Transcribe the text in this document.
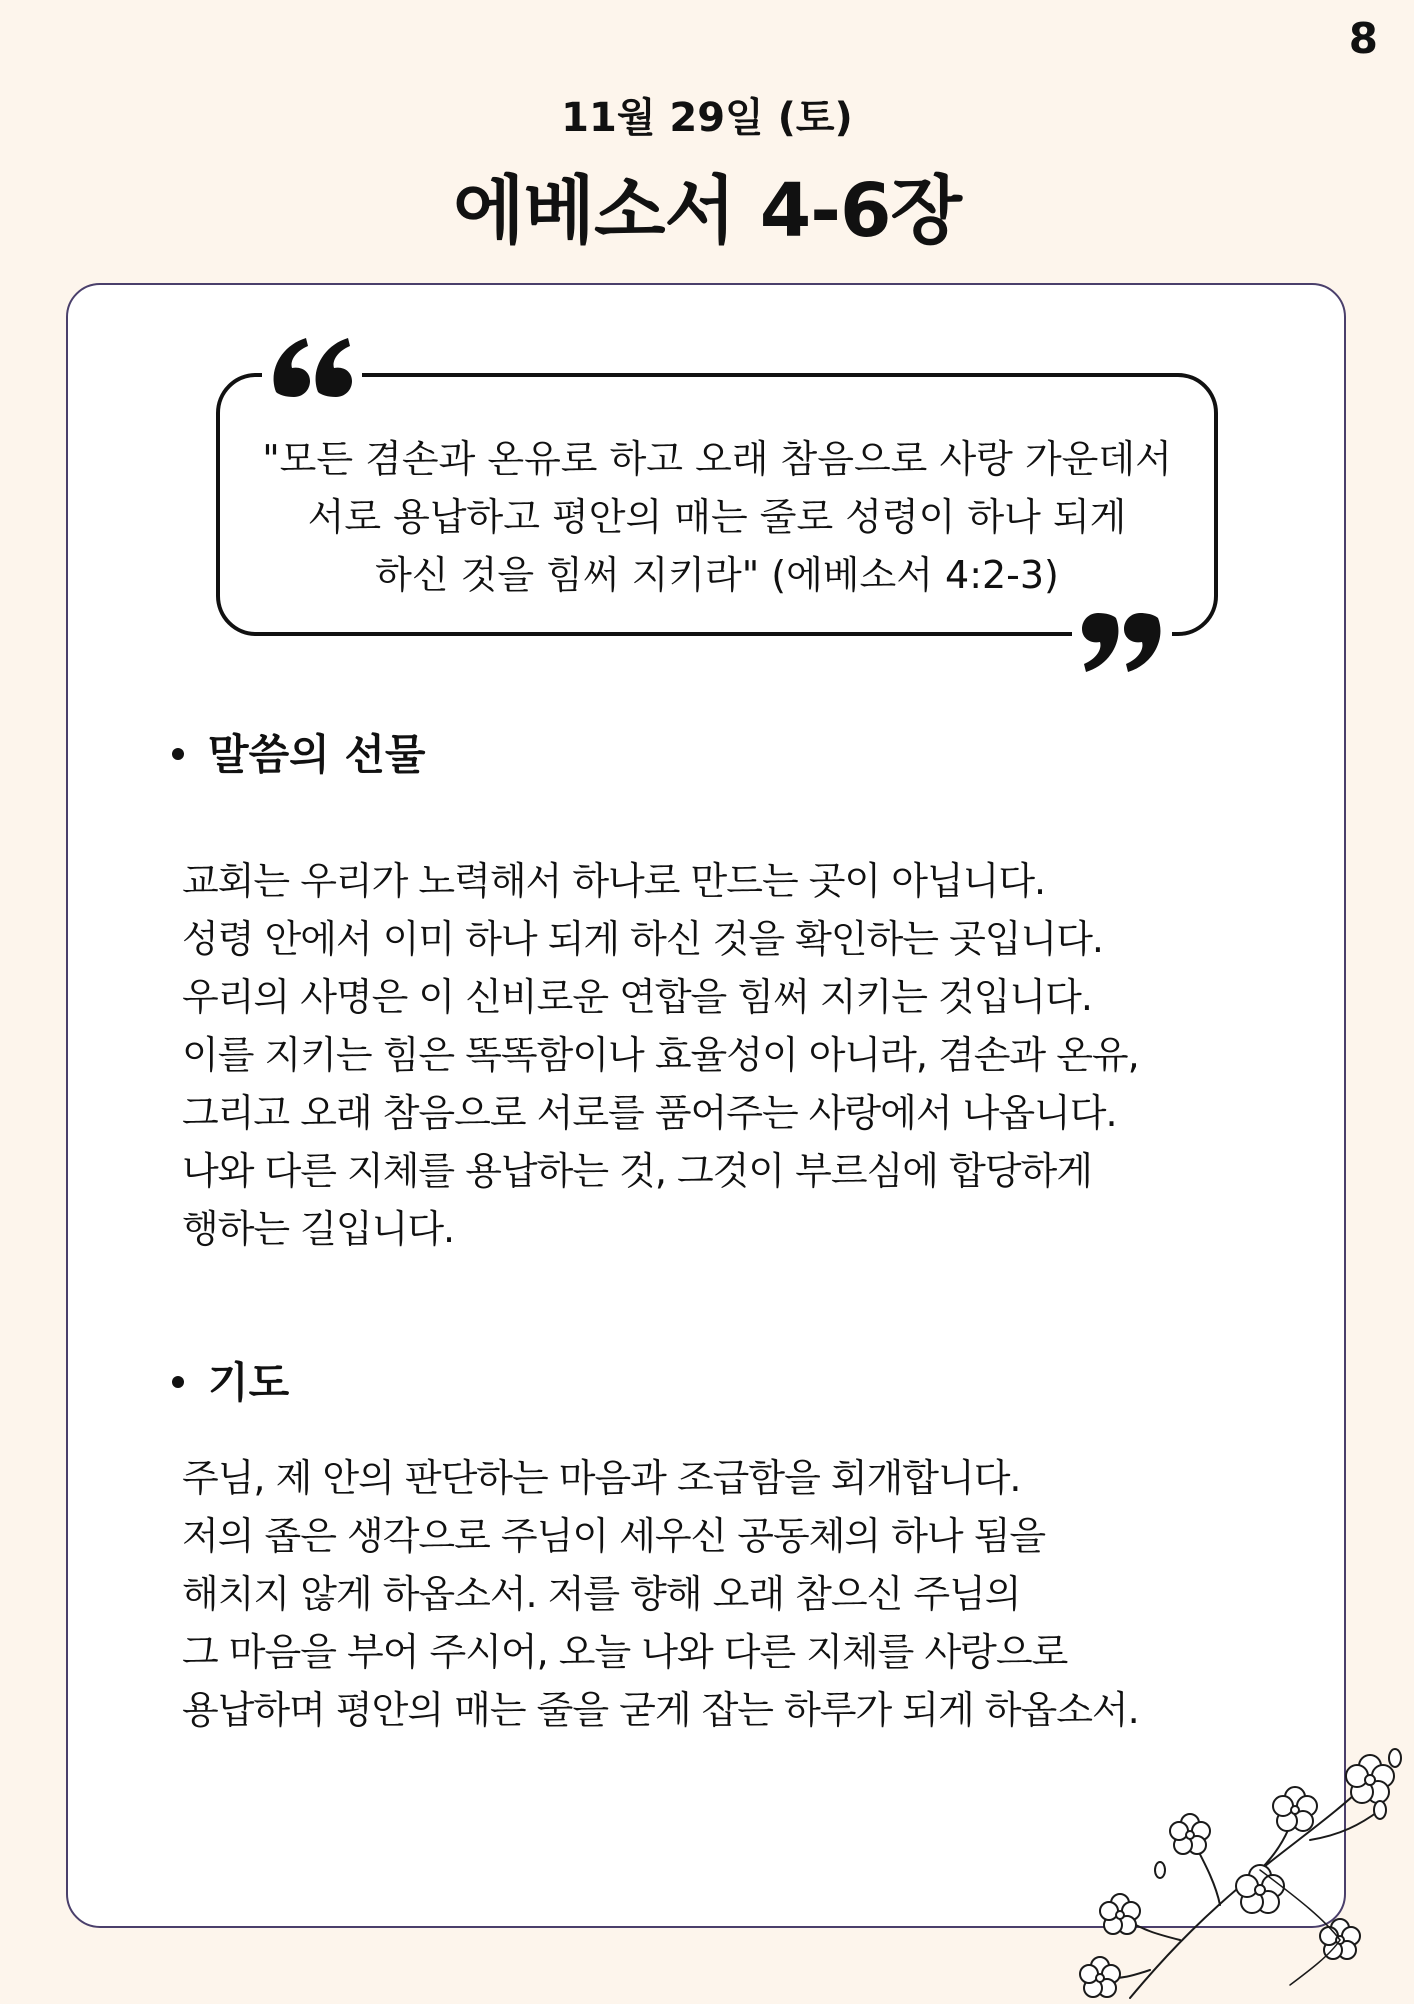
8
11월 29일 (토)
에베소서 4-6장
"모든 겸손과 온유로 하고 오래 참음으로 사랑 가운데서
서로 용납하고 평안의 매는 줄로 성령이 하나 되게
하신 것을 힘써 지키라" (에베소서 4:2-3)
말씀의 선물
교회는 우리가 노력해서 하나로 만드는 곳이 아닙니다.
성령 안에서 이미 하나 되게 하신 것을 확인하는 곳입니다.
우리의 사명은 이 신비로운 연합을 힘써 지키는 것입니다.
이를 지키는 힘은 똑똑함이나 효율성이 아니라, 겸손과 온유,
그리고 오래 참음으로 서로를 품어주는 사랑에서 나옵니다.
나와 다른 지체를 용납하는 것, 그것이 부르심에 합당하게
행하는 길입니다.
기도
주님, 제 안의 판단하는 마음과 조급함을 회개합니다.
저의 좁은 생각으로 주님이 세우신 공동체의 하나 됨을
해치지 않게 하옵소서. 저를 향해 오래 참으신 주님의
그 마음을 부어 주시어, 오늘 나와 다른 지체를 사랑으로
용납하며 평안의 매는 줄을 굳게 잡는 하루가 되게 하옵소서.
